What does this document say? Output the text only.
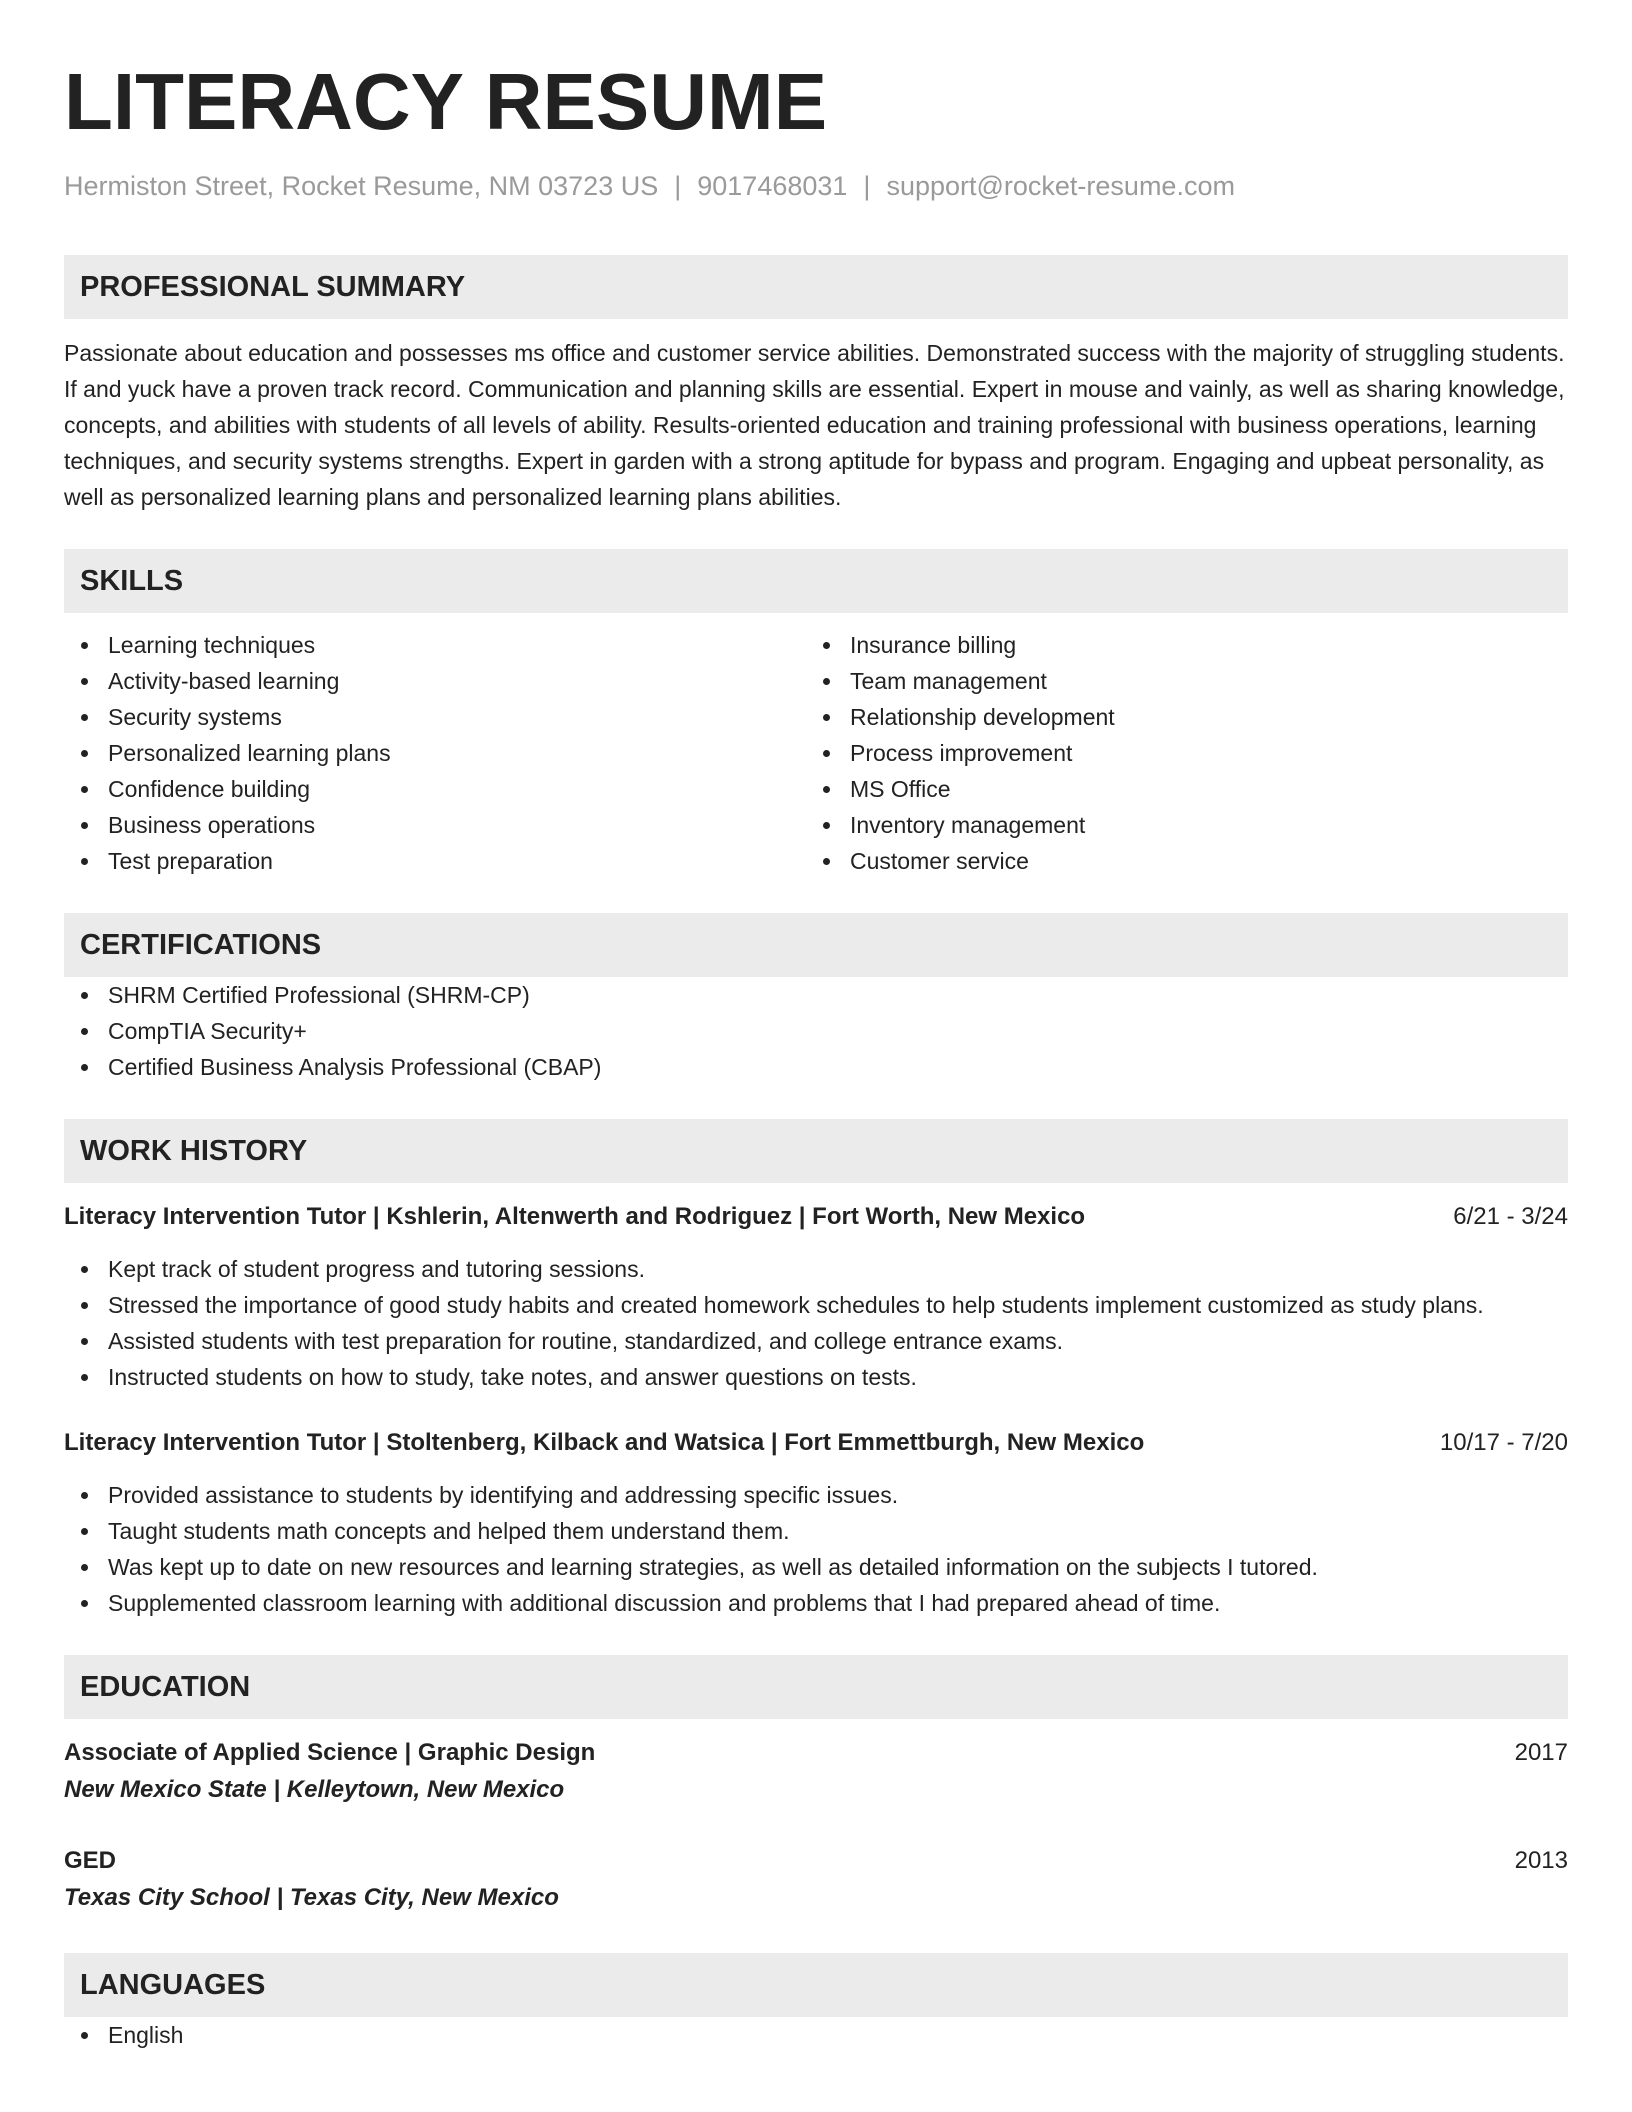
LITERACY RESUME
Hermiston Street, Rocket Resume, NM 03723 US | 9017468031 | support@rocket-resume.com
PROFESSIONAL SUMMARY

Passionate about education and possesses ms office and customer service abilities. Demonstrated success with the majority of struggling students. If and yuck have a proven track record. Communication and planning skills are essential. Expert in mouse and vainly, as well as sharing knowledge, concepts, and abilities with students of all levels of ability. Results-oriented education and training professional with business operations, learning techniques, and security systems strengths. Expert in garden with a strong aptitude for bypass and program. Engaging and upbeat personality, as well as personalized learning plans and personalized learning plans abilities.

SKILLS
Learning techniques
Activity-based learning
Security systems
Personalized learning plans
Confidence building
Business operations
Test preparation
Insurance billing
Team management
Relationship development
Process improvement
MS Office
Inventory management
Customer service
CERTIFICATIONS
SHRM Certified Professional (SHRM-CP)
CompTIA Security+
Certified Business Analysis Professional (CBAP)
WORK HISTORY
Literacy Intervention Tutor | Kshlerin, Altenwerth and Rodriguez | Fort Worth, New Mexico	6/21 - 3/24
Kept track of student progress and tutoring sessions.
Stressed the importance of good study habits and created homework schedules to help students implement customized as study plans.
Assisted students with test preparation for routine, standardized, and college entrance exams.
Instructed students on how to study, take notes, and answer questions on tests.
Literacy Intervention Tutor | Stoltenberg, Kilback and Watsica | Fort Emmettburgh, New Mexico	10/17 - 7/20
Provided assistance to students by identifying and addressing specific issues.
Taught students math concepts and helped them understand them.
Was kept up to date on new resources and learning strategies, as well as detailed information on the subjects I tutored.
Supplemented classroom learning with additional discussion and problems that I had prepared ahead of time.
EDUCATION
Associate of Applied Science | Graphic Design	2017
New Mexico State | Kelleytown, New Mexico
GED	2013
Texas City School | Texas City, New Mexico
LANGUAGES
English
